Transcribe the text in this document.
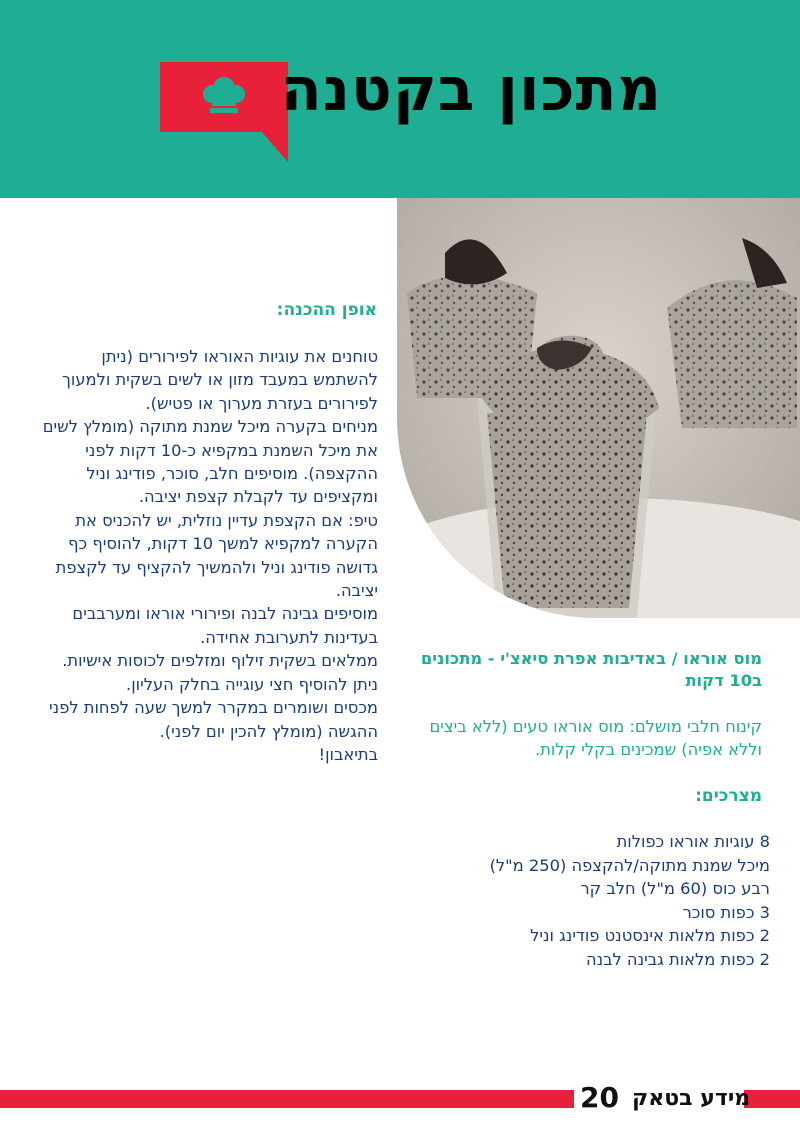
מתכון בקטנה
אופן ההכנה:

טוחנים את עוגיות האוראו לפירורים (ניתן להשתמש במעבד מזון או לשים בשקית ולמעוך לפירורים בעזרת מערוך או פטיש).

מניחים בקערה מיכל שמנת מתוקה (מומלץ לשים את מיכל השמנת במקפיא כ-10 דקות לפני ההקצפה). מוסיפים חלב, סוכר, פודינג וניל ומקציפים עד לקבלת קצפת יציבה.

טיפ: אם הקצפת עדיין נוזלית, יש להכניס את הקערה למקפיא למשך 10 דקות, להוסיף כף גדושה פודינג וניל ולהמשיך להקציף עד לקצפת יציבה.

מוסיפים גבינה לבנה ופירורי אוראו ומערבבים בעדינות לתערובת אחידה.

ממלאים בשקית זילוף ומזלפים לכוסות אישיות. ניתן להוסיף חצי עוגייה בחלק העליון.

מכסים ושומרים במקרר למשך שעה לפחות לפני ההגשה (מומלץ להכין יום לפני).

בתיאבון!

מוס אוראו / באדיבות אפרת סיאצ'י - מתכונים ב10 דקות
קינוח חלבי מושלם: מוס אוראו טעים (ללא ביצים וללא אפיה) שמכינים בקלי קלות.
מצרכים:
8 עוגיות אוראו כפולות
מיכל שמנת מתוקה/להקצפה (250 מ"ל)
רבע כוס (60 מ"ל) חלב קר
3 כפות סוכר
2 כפות מלאות אינסטנט פודינג וניל
2 כפות מלאות גבינה לבנה
מידע בטאק
20
